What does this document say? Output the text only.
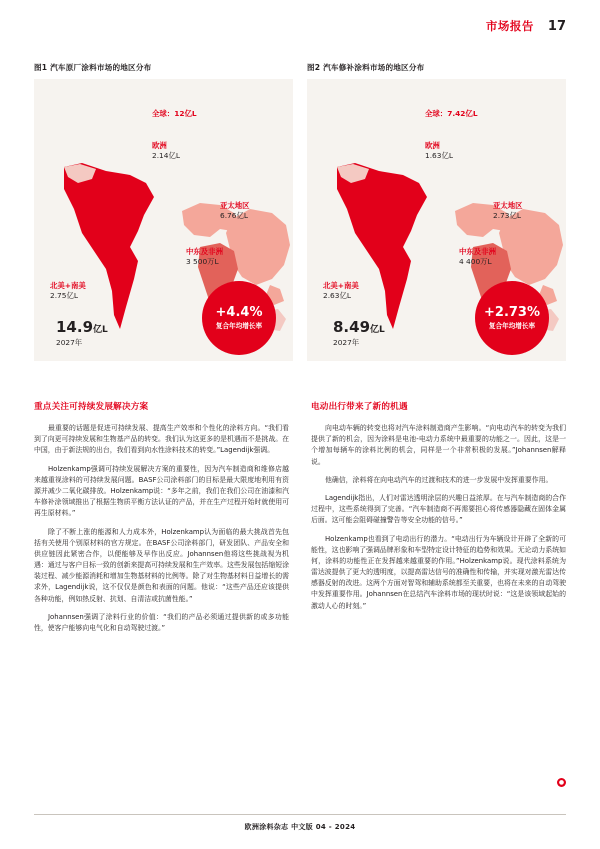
市场报告 17
图1 汽车原厂涂料市场的地区分布
全球：12亿L
欧洲
2.14亿L
亚太地区
6.76亿L
中东及非洲
3 500万L
北美+南美
2.75亿L
14.9亿L
2027年
+4.4%
复合年均增长率
图2 汽车修补涂料市场的地区分布
全球：7.42亿L
欧洲
1.63亿L
亚太地区
2.73亿L
中东及非洲
4 400万L
北美+南美
2.63亿L
8.49亿L
2027年
+2.73%
复合年均增长率
重点关注可持续发展解决方案

最重要的话题是促进可持续发展、提高生产效率和个性化的涂料方向。“我们看到了向更可持续发展和生物基产品的转变。我们认为这更多的是机遇而不是挑战。在中国，由于新法规的出台，我们看到向水性涂料技术的转变。”Lagendijk强调。

Holzenkamp强调可持续发展解决方案的重要性，因为汽车制造商和维修店越来越重视涂料的可持续发展问题。BASF公司涂料部门的目标是最大限度地利用有资源并减少二氧化碳排放。Holzenkamp说：“多年之前，我们在我们公司在油漆和汽车修补涂领域推出了根据生物质平衡方法认证的产品，并在生产过程开始时就使用可再生原材料。”

除了不断上涨的能源和人力成本外，Holzenkamp认为面临的最大挑战首先包括有关使用个别原材料的官方规定。在BASF公司涂料部门，研发团队、产品安全和供应链因此紧密合作，以便能够及早作出反应。Johannsen他将这些挑战视为机遇：通过与客户目标一致的创新来提高可持续发展和生产效率。这些发展包括缩短涂装过程、减少能源消耗和增加生物基材料的比例等。除了对生物基材料日益增长的需求外，Lagendijk说，这不仅仅是颜色和表面的问题。他说：“这些产品还应该提供各种功能，例如热反射、抗划、自清洁或抗菌性能。”

Johannsen强调了涂料行业的价值：“我们的产品必须通过提供新的或多功能性，使客户能够向电气化和自动驾驶过渡。”

电动出行带来了新的机遇

向电动车辆的转变也将对汽车涂料制造商产生影响。“向电动汽车的转变为我们提供了新的机会，因为涂料是电池-电动力系统中最重要的功能之一。因此，这是一个增加每辆车的涂料比例的机会，同样是一个非常积极的发展。”Johannsen解释说。

他确信，涂料将在向电动汽车的过渡和技术的进一步发展中发挥重要作用。

Lagendijk指出，人们对雷达透明涂层的兴趣日益浓厚。在与汽车制造商的合作过程中，这些系统得到了完善。“汽车制造商不再需要担心将传感器隐藏在固体金属后面。这可能会阻碍碰撞警告等安全功能的信号。”

Holzenkamp也看到了电动出行的潜力。“电动出行为车辆设计开辟了全新的可能性，这也影响了强调品牌形象和车型特定设计特征的趋势和效果。无论动力系统如何，涂料的功能性正在发挥越来越重要的作用。”Holzenkamp说。现代涂料系统为雷达波提供了更大的透明度，以提高雷达信号的准确性和传输，并实现对激光雷达传感器反射的改进。这两个方面对智驾和辅助系统都至关重要，也将在未来的自动驾驶中发挥重要作用。Johannsen在总结汽车涂料市场的现状时说：“这是该领域起始的激动人心的时刻。”

●
欧洲涂料杂志 中文版 04 - 2024
